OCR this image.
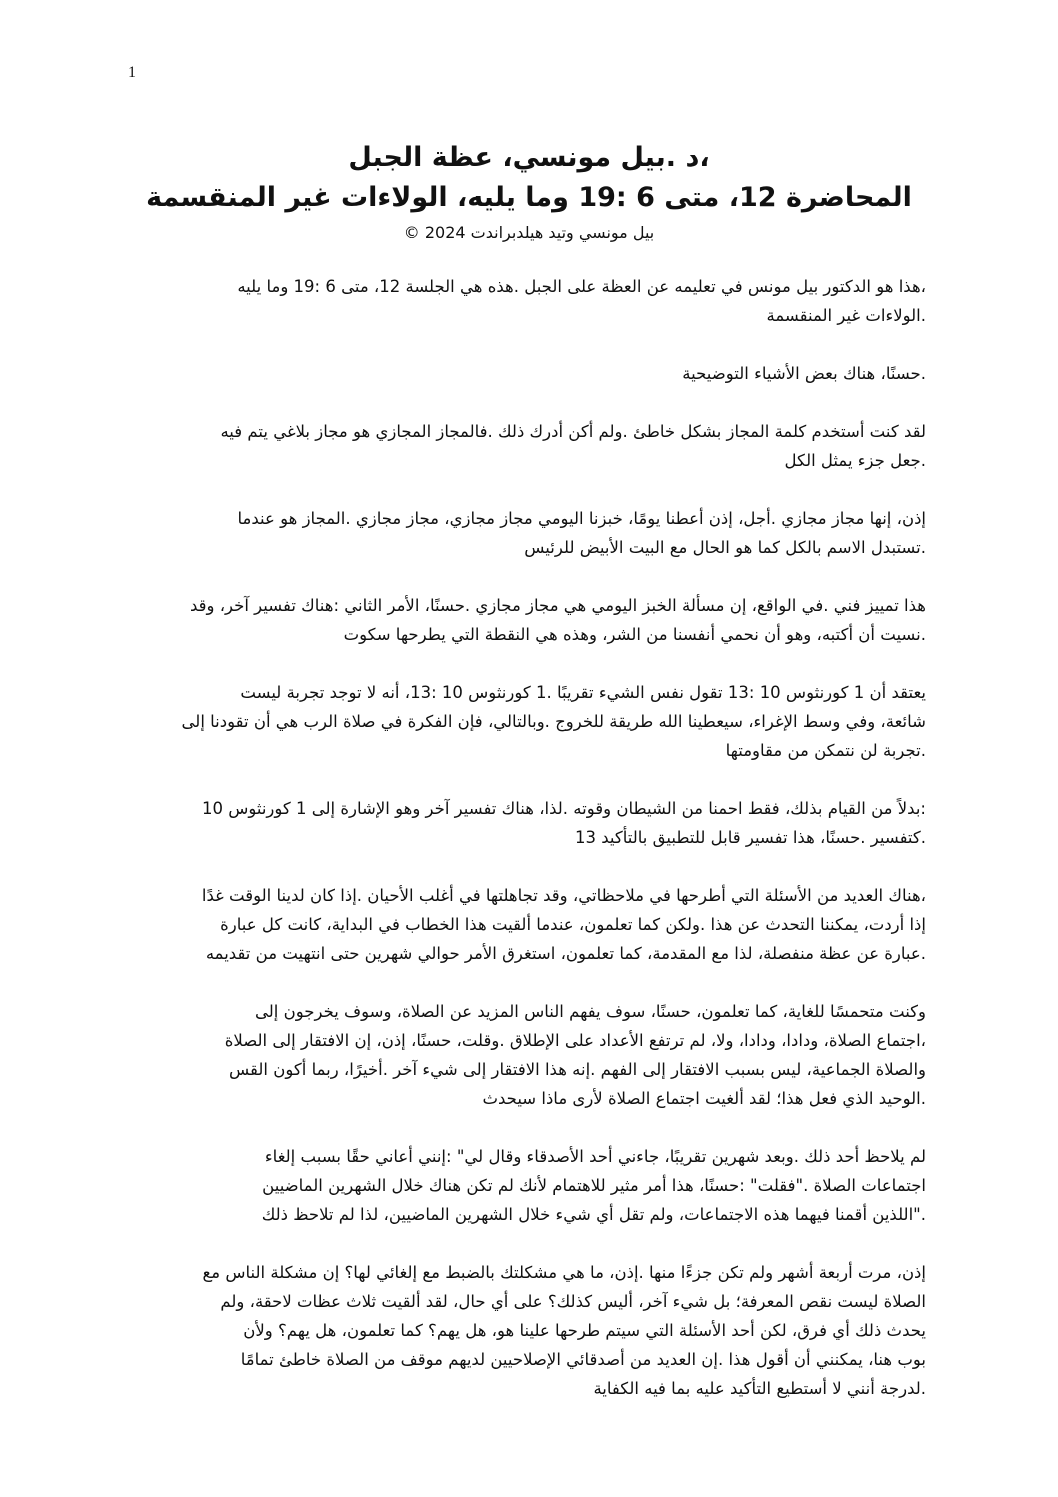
1
،د .بيل مونسي، عظة الجبل
المحاضرة 12، متى 6 :19 وما يليه، الولاءات غير المنقسمة
بيل مونسي وتيد هيلدبراندت 2024 ©
،هذا هو الدكتور بيل مونس في تعليمه عن العظة على الجبل .هذه هي الجلسة 12، متى 6 :19 وما يليه
.الولاءات غير المنقسمة
.حسنًا، هناك بعض الأشياء التوضيحية
لقد كنت أستخدم كلمة المجاز بشكل خاطئ .ولم أكن أدرك ذلك .فالمجاز المجازي هو مجاز بلاغي يتم فيه
.جعل جزء يمثل الكل
إذن، إنها مجاز مجازي .أجل، إذن أعطنا يومًا، خبزنا اليومي مجاز مجازي، مجاز مجازي .المجاز هو عندما
.تستبدل الاسم بالكل كما هو الحال مع البيت الأبيض للرئيس
هذا تمييز فني .في الواقع، إن مسألة الخبز اليومي هي مجاز مجازي .حسنًا، الأمر الثاني :هناك تفسير آخر، وقد
.نسيت أن أكتبه، وهو أن نحمي أنفسنا من الشر، وهذه هي النقطة التي يطرحها سكوت
يعتقد أن 1 كورنثوس 10 :13 تقول نفس الشيء تقريبًا .1 كورنثوس 10 :13، أنه لا توجد تجربة ليست
شائعة، وفي وسط الإغراء، سيعطينا الله طريقة للخروج .وبالتالي، فإن الفكرة في صلاة الرب هي أن تقودنا إلى
.تجربة لن نتمكن من مقاومتها
:بدلاً من القيام بذلك، فقط احمنا من الشيطان وقوته .لذا، هناك تفسير آخر وهو الإشارة إلى 1 كورنثوس 10
.كتفسير .حسنًا، هذا تفسير قابل للتطبيق بالتأكيد 13
،هناك العديد من الأسئلة التي أطرحها في ملاحظاتي، وقد تجاهلتها في أغلب الأحيان .إذا كان لدينا الوقت غدًا
إذا أردت، يمكننا التحدث عن هذا .ولكن كما تعلمون، عندما ألقيت هذا الخطاب في البداية، كانت كل عبارة
.عبارة عن عظة منفصلة، لذا مع المقدمة، كما تعلمون، استغرق الأمر حوالي شهرين حتى انتهيت من تقديمه
وكنت متحمسًا للغاية، كما تعلمون، حسنًا، سوف يفهم الناس المزيد عن الصلاة، وسوف يخرجون إلى
،اجتماع الصلاة، ودادا، ودادا، ولا، لم ترتفع الأعداد على الإطلاق .وقلت، حسنًا، إذن، إن الافتقار إلى الصلاة
والصلاة الجماعية، ليس بسبب الافتقار إلى الفهم .إنه هذا الافتقار إلى شيء آخر .أخيرًا، ربما أكون القس
.الوحيد الذي فعل هذا؛ لقد ألغيت اجتماع الصلاة لأرى ماذا سيحدث
لم يلاحظ أحد ذلك .وبعد شهرين تقريبًا، جاءني أحد الأصدقاء وقال لي" :إنني أعاني حقًا بسبب إلغاء
اجتماعات الصلاة ."فقلت" :حسنًا، هذا أمر مثير للاهتمام لأنك لم تكن هناك خلال الشهرين الماضيين
."اللذين أقمنا فيهما هذه الاجتماعات، ولم تقل أي شيء خلال الشهرين الماضيين، لذا لم تلاحظ ذلك
إذن، مرت أربعة أشهر ولم تكن جزءًا منها .إذن، ما هي مشكلتك بالضبط مع إلغائي لها؟ إن مشكلة الناس مع
الصلاة ليست نقص المعرفة؛ بل شيء آخر، أليس كذلك؟ على أي حال، لقد ألقيت ثلاث عظات لاحقة، ولم
يحدث ذلك أي فرق، لكن أحد الأسئلة التي سيتم طرحها علينا هو، هل يهم؟ كما تعلمون، هل يهم؟ ولأن
بوب هنا، يمكنني أن أقول هذا .إن العديد من أصدقائي الإصلاحيين لديهم موقف من الصلاة خاطئ تمامًا
.لدرجة أنني لا أستطيع التأكيد عليه بما فيه الكفاية
